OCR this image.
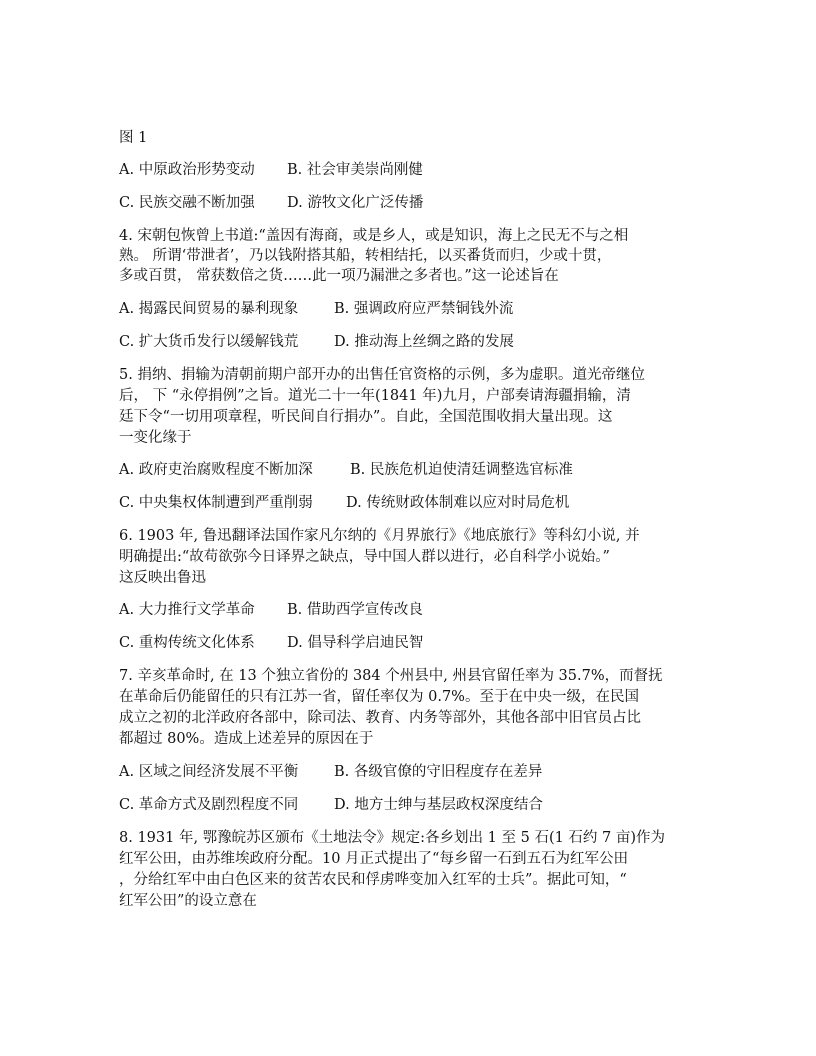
图 1
A. 中原政治形势变动 B. 社会审美崇尚刚健
C. 民族交融不断加强 D. 游牧文化广泛传播
4. 宋朝包恢曾上书道:“盖因有海商，或是乡人，或是知识，海上之民无不与之相
熟。 所谓‘带泄者’，乃以钱附搭其船，转相结托，以买番货而归，少或十贯，
多或百贯， 常获数倍之货……此一项乃漏泄之多者也。”这一论述旨在
A. 揭露民间贸易的暴利现象 B. 强调政府应严禁铜钱外流
C. 扩大货币发行以缓解钱荒 D. 推动海上丝绸之路的发展
5. 捐纳、捐输为清朝前期户部开办的出售任官资格的示例，多为虚职。道光帝继位
后， 下 “永停捐例”之旨。道光二十一年(1841 年)九月，户部奏请海疆捐输，清
廷下令“一切用项章程，听民间自行捐办”。自此，全国范围收捐大量出现。这
一变化缘于
A. 政府吏治腐败程度不断加深	B. 民族危机迫使清廷调整选官标准
C. 中央集权体制遭到严重削弱 D. 传统财政体制难以应对时局危机
6. 1903 年, 鲁迅翻译法国作家凡尔纳的《月界旅行》《地底旅行》等科幻小说, 并
明确提出:“故苟欲弥今日译界之缺点，导中国人群以进行，必自科学小说始。”
这反映出鲁迅
A. 大力推行文学革命 B. 借助西学宣传改良
C. 重构传统文化体系 D. 倡导科学启迪民智
7. 辛亥革命时, 在 13 个独立省份的 384 个州县中, 州县官留任率为 35.7%，而督抚
在革命后仍能留任的只有江苏一省，留任率仅为 0.7%。至于在中央一级，在民国
成立之初的北洋政府各部中，除司法、教育、内务等部外，其他各部中旧官员占比
都超过 80%。造成上述差异的原因在于
A. 区域之间经济发展不平衡 B. 各级官僚的守旧程度存在差异
C. 革命方式及剧烈程度不同 D. 地方士绅与基层政权深度结合
8. 1931 年, 鄂豫皖苏区颁布《土地法令》规定:各乡划出 1 至 5 石(1 石约 7 亩)作为
红军公田，由苏维埃政府分配。10 月正式提出了“每乡留一石到五石为红军公田
，分给红军中由白色区来的贫苦农民和俘虏哗变加入红军的士兵”。据此可知，“
红军公田”的设立意在
